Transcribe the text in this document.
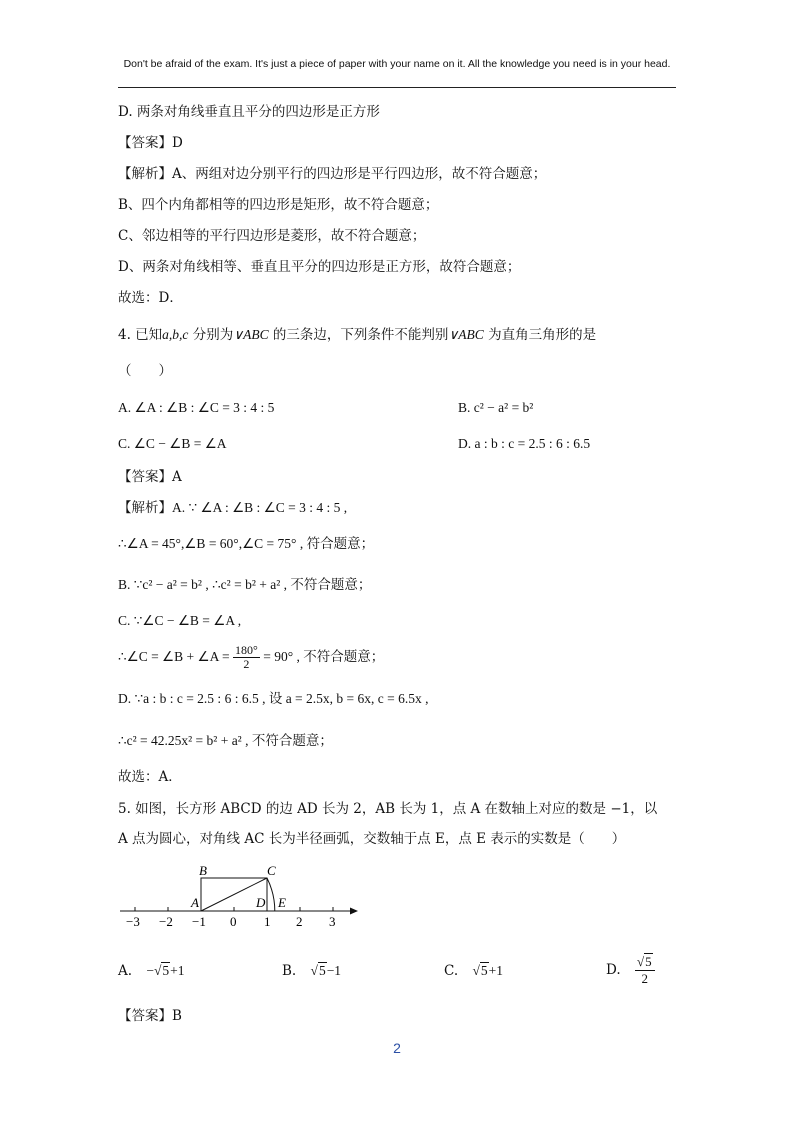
Don't be afraid of the exam. It's just a piece of paper with your name on it. All the knowledge you need is in your head.
D. 两条对角线垂直且平分的四边形是正方形
【答案】D
【解析】A、两组对边分别平行的四边形是平行四边形，故不符合题意；
B、四个内角都相等的四边形是矩形，故不符合题意；
C、邻边相等的平行四边形是菱形，故不符合题意；
D、两条对角线相等、垂直且平分的四边形是正方形，故符合题意；
故选：D．
4. 已知a,b,c 分别为∨ABC 的三条边，下列条件不能判别∨ABC 为直角三角形的是
（　　）
A. ∠A : ∠B : ∠C = 3 : 4 : 5	B. c² − a² = b²
C. ∠C − ∠B = ∠A	D. a : b : c = 2.5 : 6 : 6.5
【答案】A
【解析】A. ∵ ∠A : ∠B : ∠C = 3 : 4 : 5 ,
∴∠A = 45°,∠B = 60°,∠C = 75° , 符合题意；
B. ∵c² − a² = b² , ∴c² = b² + a² , 不符合题意；
C. ∵∠C − ∠B = ∠A ,
∴∠C = ∠B + ∠A = $\frac{180^\circ}{2} = 90^\circ$ , 不符合题意；
D. ∵a : b : c = 2.5 : 6 : 6.5 , 设 a = 2.5x, b = 6x, c = 6.5x ,
∴c² = 42.25x² = b² + a² , 不符合题意；
故选：A．
5. 如图，长方形 ABCD 的边 AD 长为 2，AB 长为 1，点 A 在数轴上对应的数是 −1，以
A 点为圆心，对角线 AC 长为半径画弧，交数轴于点 E，点 E 表示的实数是（　　）
−3 −2 −1 0 1 2 3
B	C
A	D E
A. −√5+1	B. √5−1	C. √5+1	D. $\frac{√5}{2}$
【答案】B
2
